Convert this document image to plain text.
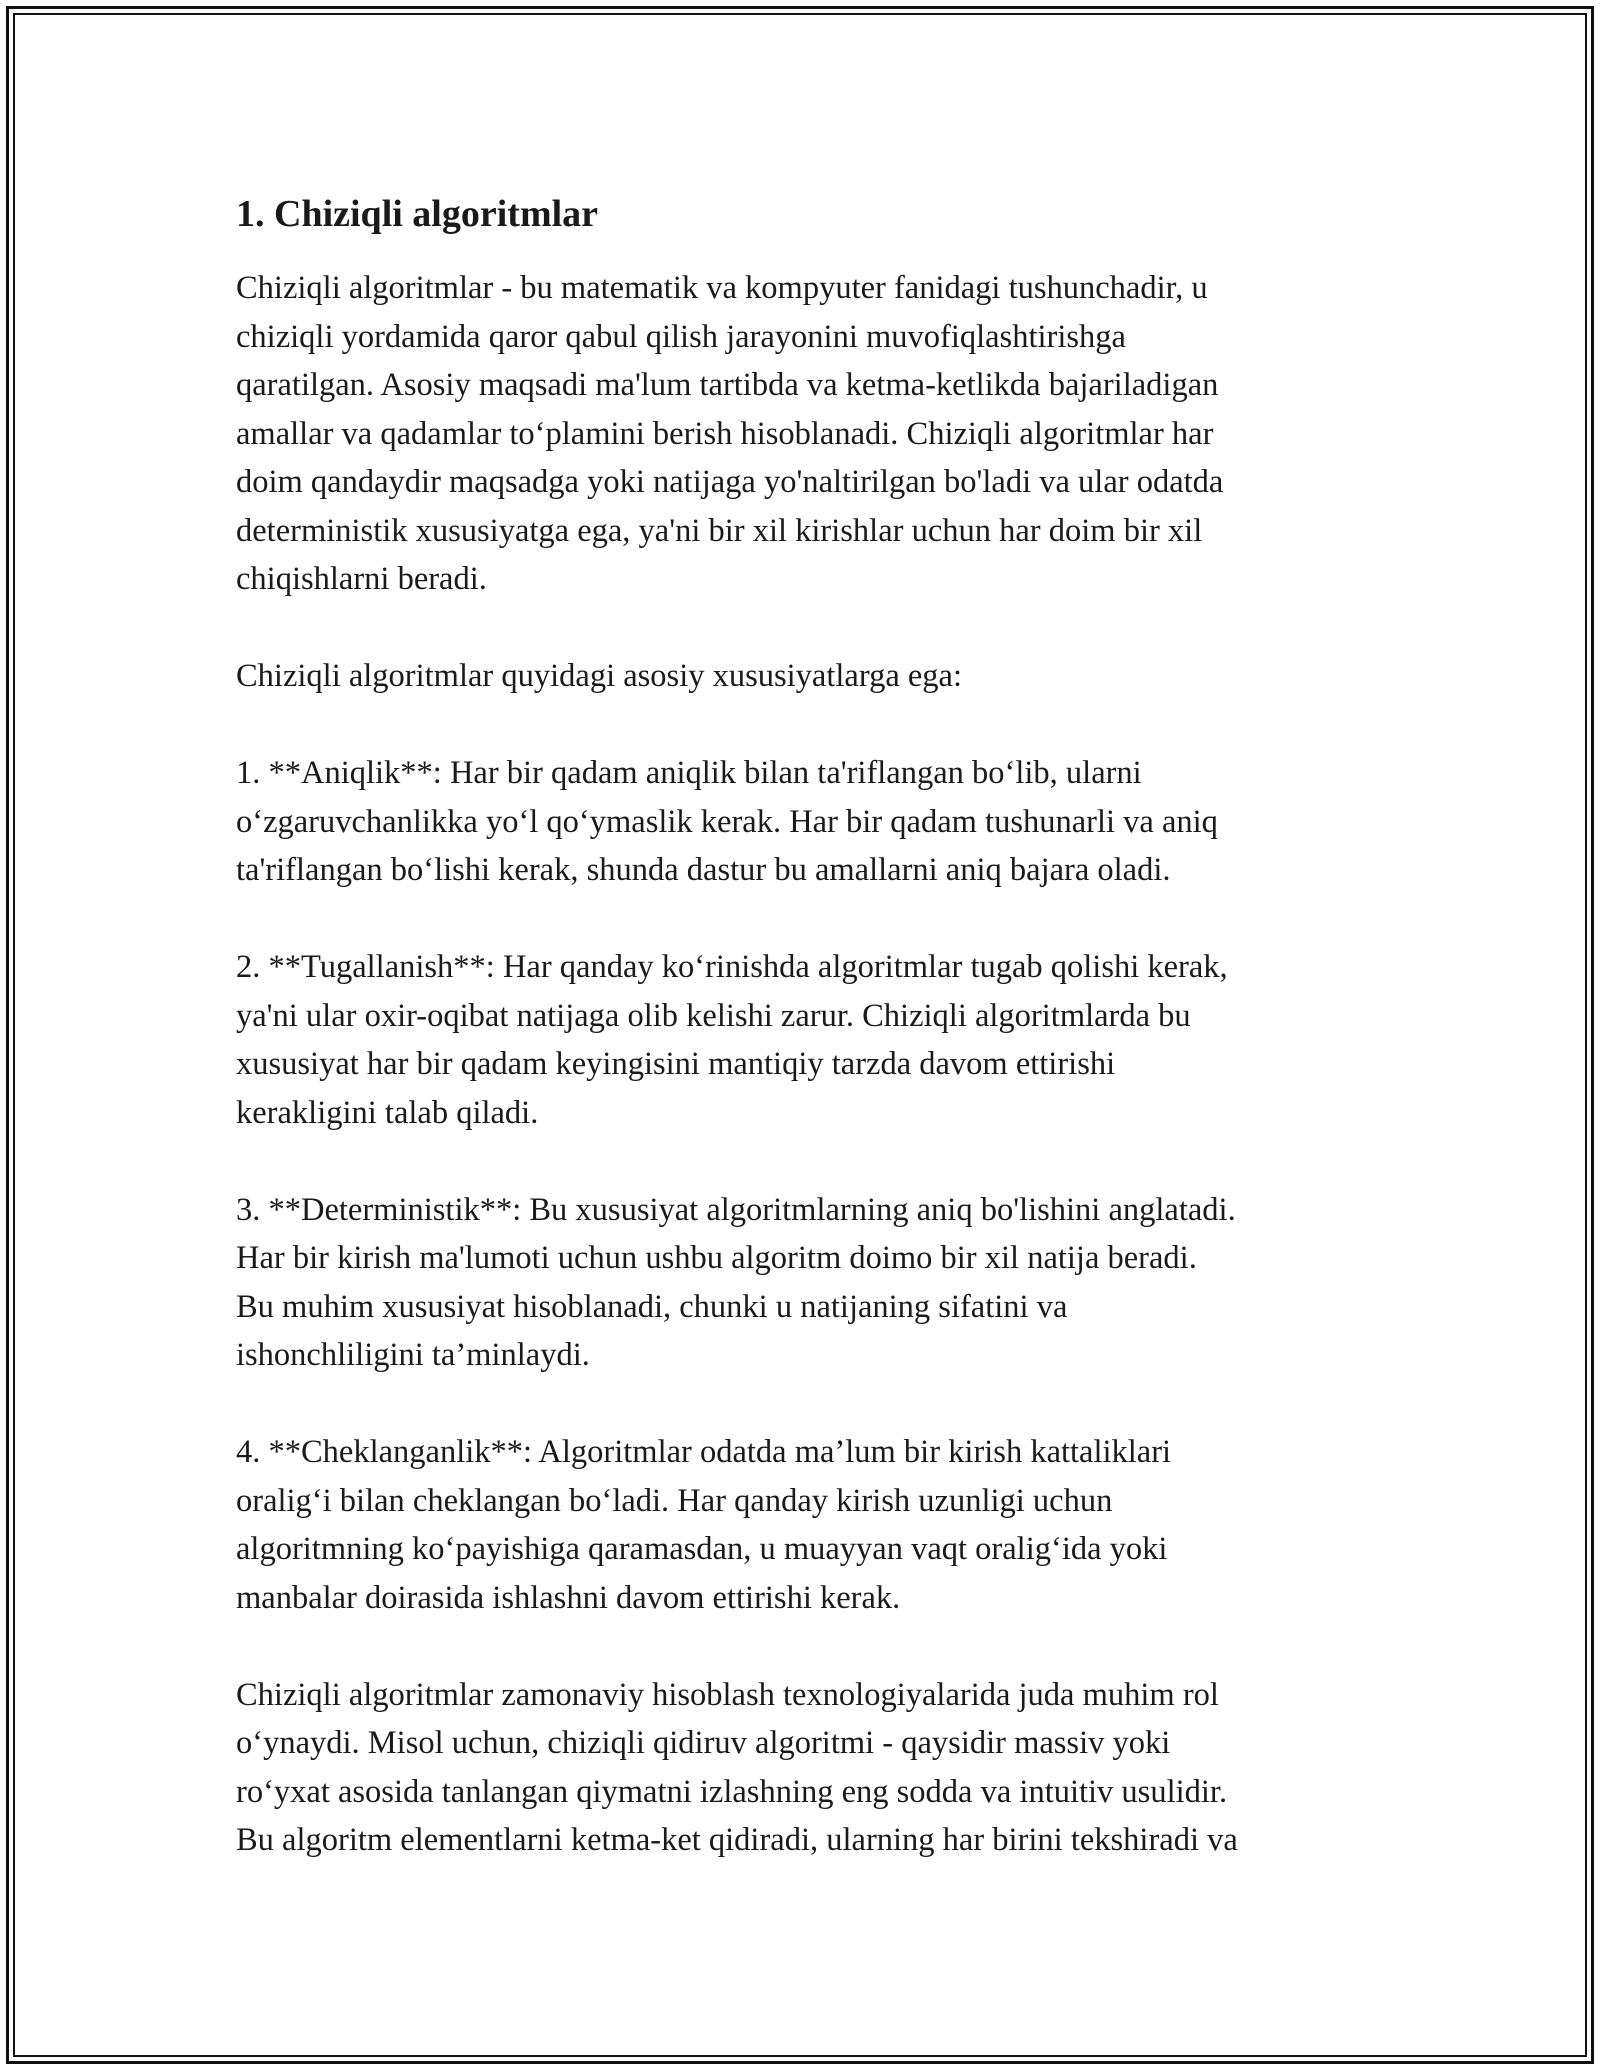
1. Chiziqli algoritmlar
Chiziqli algoritmlar - bu matematik va kompyuter fanidagi tushunchadir, u
chiziqli yordamida qaror qabul qilish jarayonini muvofiqlashtirishga
qaratilgan. Asosiy maqsadi ma'lum tartibda va ketma-ketlikda bajariladigan
amallar va qadamlar to‘plamini berish hisoblanadi. Chiziqli algoritmlar har
doim qandaydir maqsadga yoki natijaga yo'naltirilgan bo'ladi va ular odatda
deterministik xususiyatga ega, ya'ni bir xil kirishlar uchun har doim bir xil
chiqishlarni beradi.
Chiziqli algoritmlar quyidagi asosiy xususiyatlarga ega:
1. **Aniqlik**: Har bir qadam aniqlik bilan ta'riflangan bo‘lib, ularni
o‘zgaruvchanlikka yo‘l qo‘ymaslik kerak. Har bir qadam tushunarli va aniq
ta'riflangan bo‘lishi kerak, shunda dastur bu amallarni aniq bajara oladi.
2. **Tugallanish**: Har qanday ko‘rinishda algoritmlar tugab qolishi kerak,
ya'ni ular oxir-oqibat natijaga olib kelishi zarur. Chiziqli algoritmlarda bu
xususiyat har bir qadam keyingisini mantiqiy tarzda davom ettirishi
kerakligini talab qiladi.
3. **Deterministik**: Bu xususiyat algoritmlarning aniq bo'lishini anglatadi.
Har bir kirish ma'lumoti uchun ushbu algoritm doimo bir xil natija beradi.
Bu muhim xususiyat hisoblanadi, chunki u natijaning sifatini va
ishonchliligini ta’minlaydi.
4. **Cheklanganlik**: Algoritmlar odatda ma’lum bir kirish kattaliklari
oralig‘i bilan cheklangan bo‘ladi. Har qanday kirish uzunligi uchun
algoritmning ko‘payishiga qaramasdan, u muayyan vaqt oralig‘ida yoki
manbalar doirasida ishlashni davom ettirishi kerak.
Chiziqli algoritmlar zamonaviy hisoblash texnologiyalarida juda muhim rol
o‘ynaydi. Misol uchun, chiziqli qidiruv algoritmi - qaysidir massiv yoki
ro‘yxat asosida tanlangan qiymatni izlashning eng sodda va intuitiv usulidir.
Bu algoritm elementlarni ketma-ket qidiradi, ularning har birini tekshiradi va
